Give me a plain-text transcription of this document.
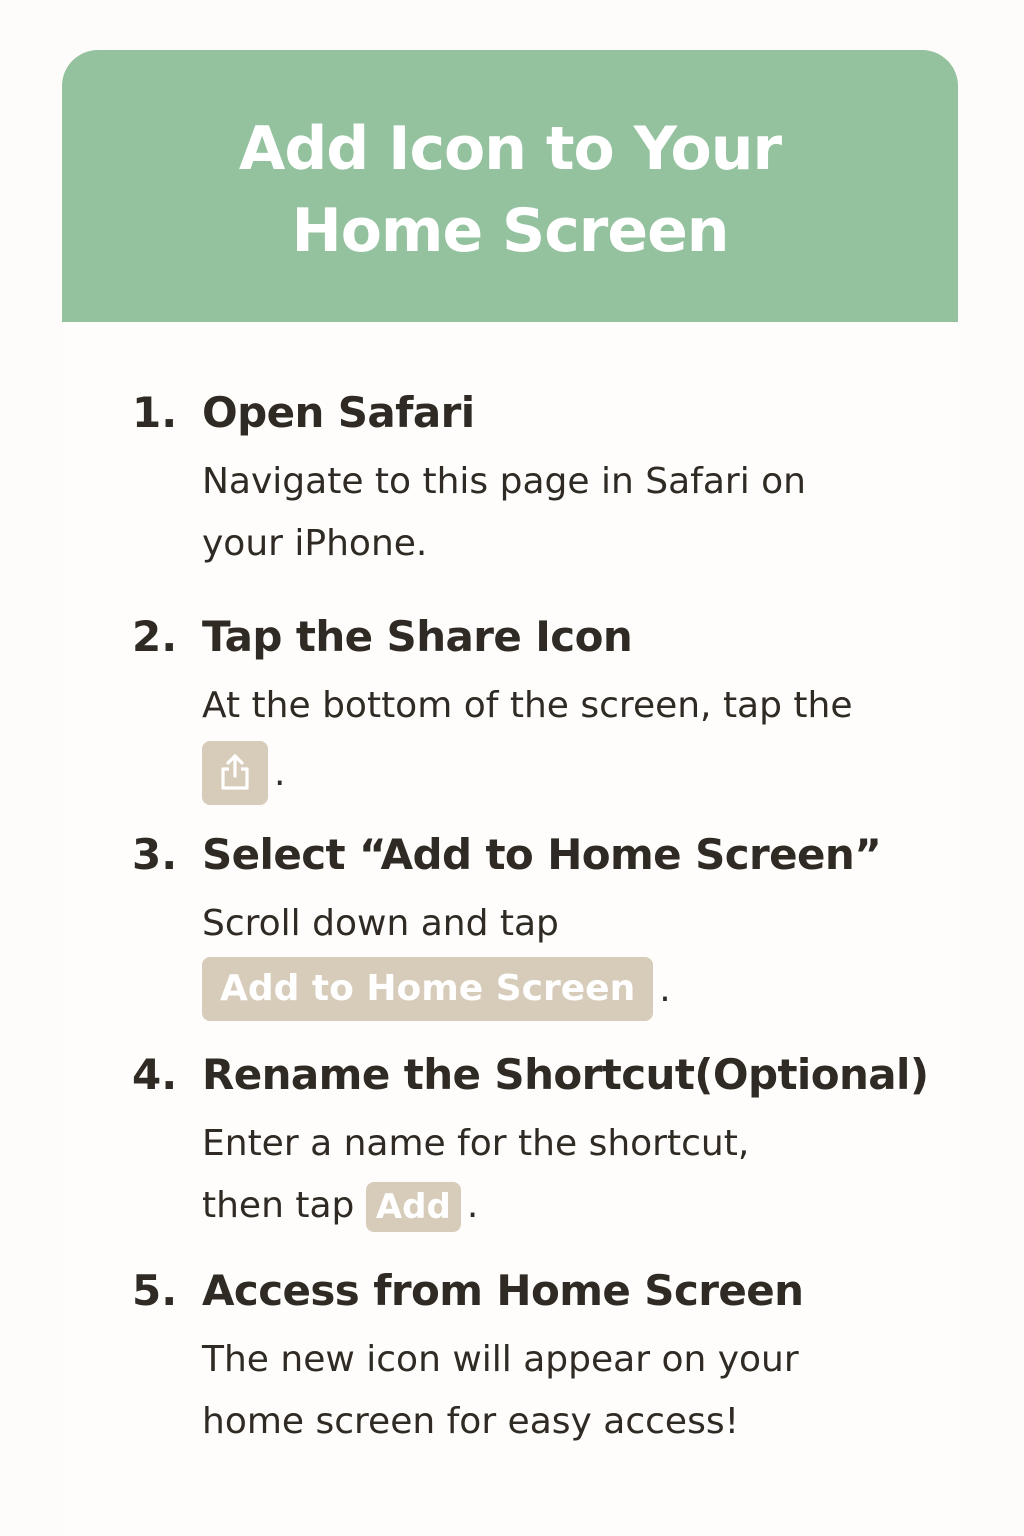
Add Icon to Your Home Screen
1. Open Safari
Navigate to this page in Safari on your iPhone.
2. Tap the Share Icon
At the bottom of the screen, tap the
.
3. Select “Add to Home Screen”
Scroll down and tap
Add to Home Screen .
4. Rename the Shortcut(Optional)
Enter a name for the shortcut,
then tap Add .
5. Access from Home Screen
The new icon will appear on your home screen for easy access!
